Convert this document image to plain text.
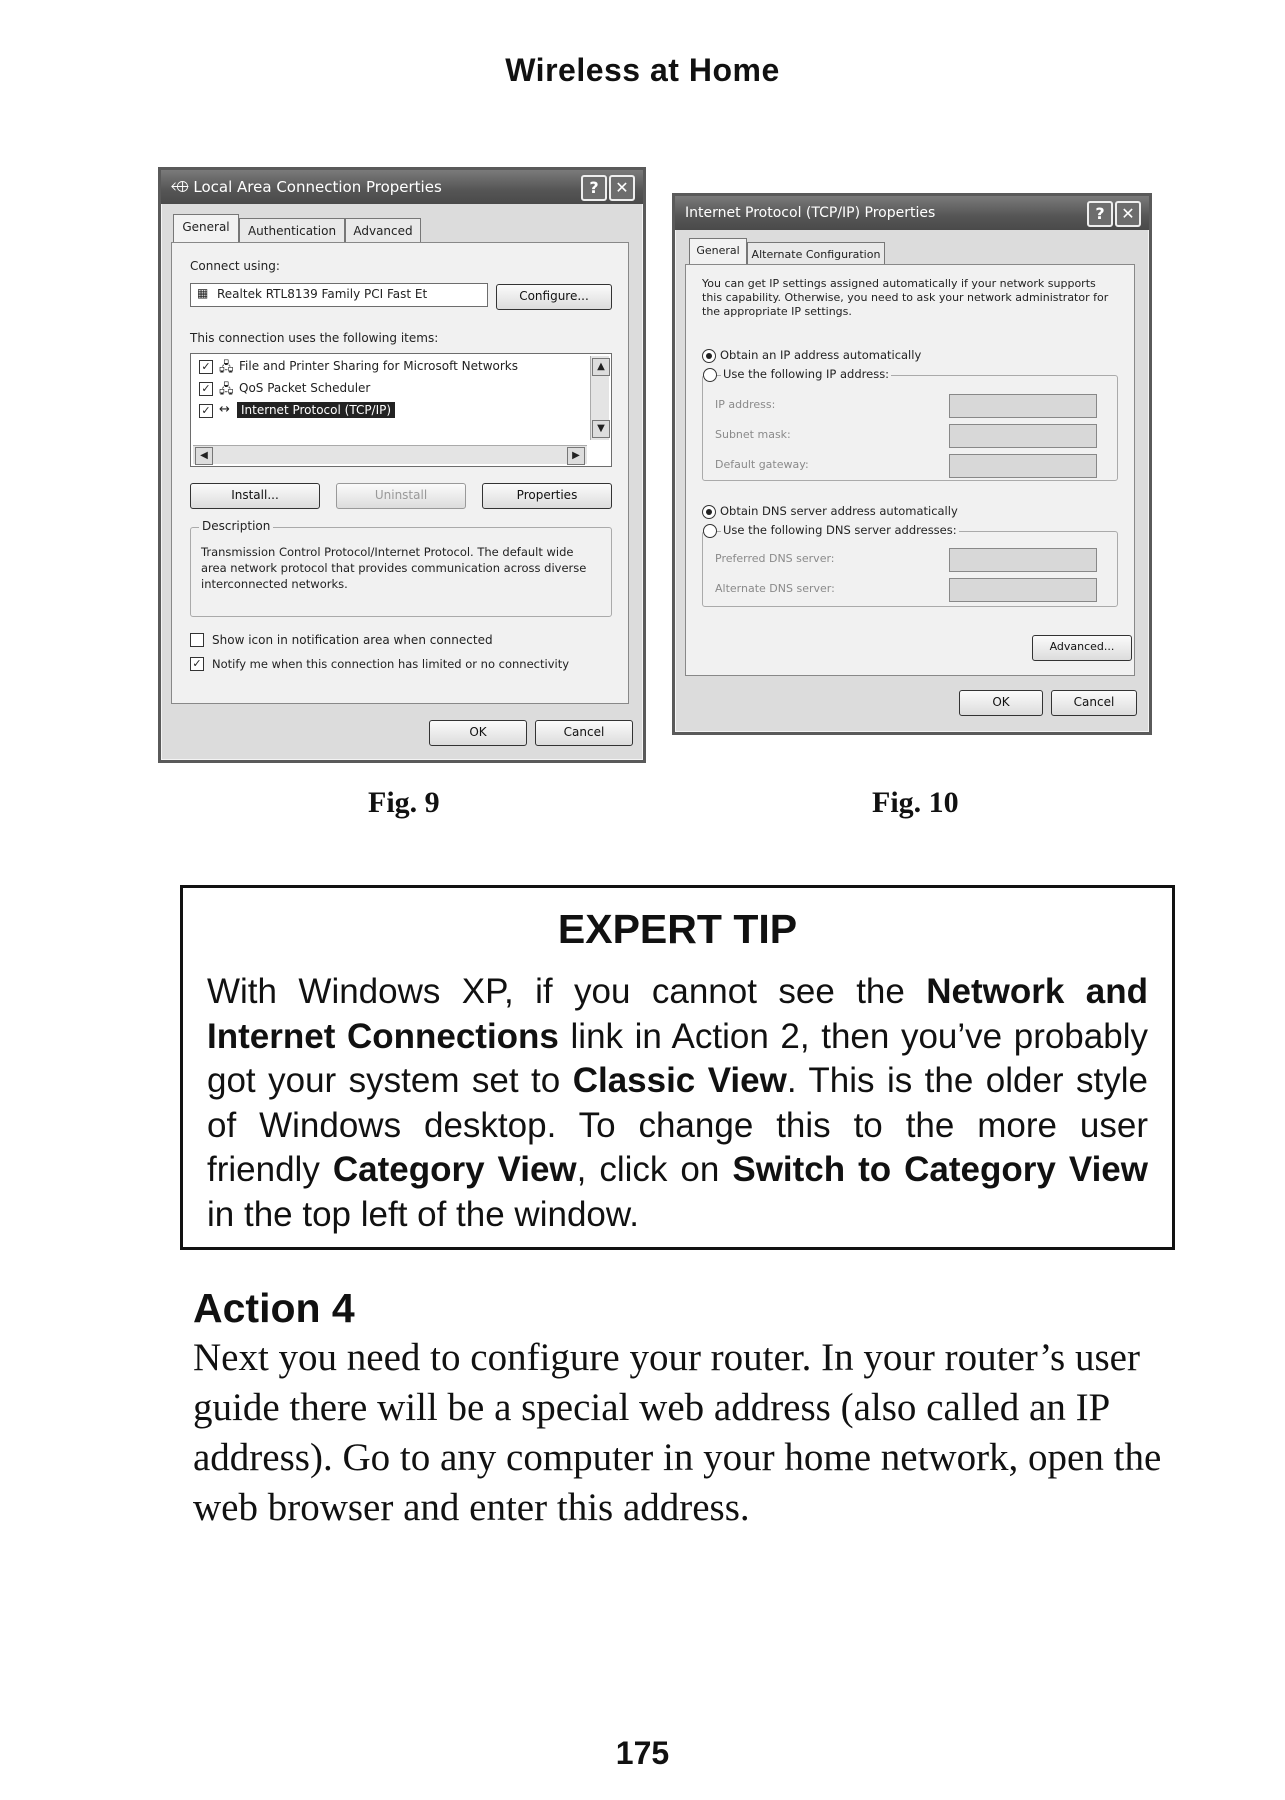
Wireless at Home
⬲ Local Area Connection Properties	?	✕
General	Authentication	Advanced
Connect using:
▦ Realtek RTL8139 Family PCI Fast Et	Configure...
This connection uses the following items:
✓ 🖧 File and Printer Sharing for Microsoft Networks
✓ 🖧 QoS Packet Scheduler
✓ ↔ Internet Protocol (TCP/IP)
▲
▼
◀	▶
Install...	Uninstall	Properties
Description
Transmission Control Protocol/Internet Protocol. The default wide area network protocol that provides communication across diverse interconnected networks.
Show icon in notification area when connected
✓ Notify me when this connection has limited or no connectivity
OK	Cancel
Internet Protocol (TCP/IP) Properties	?	✕
General	Alternate Configuration
You can get IP settings assigned automatically if your network supports this capability. Otherwise, you need to ask your network administrator for the appropriate IP settings.
Obtain an IP address automatically
Use the following IP address:
IP address:
Subnet mask:
Default gateway:
Obtain DNS server address automatically
Use the following DNS server addresses:
Preferred DNS server:
Alternate DNS server:
Advanced...
OK	Cancel
Fig. 9	Fig. 10
EXPERT TIP
With Windows XP, if you cannot see the Network and Internet Connections link in Action 2, then you’ve probably got your system set to Classic View. This is the older style of Windows desktop. To change this to the more user friendly Category View, click on Switch to Category View in the top left of the window.
Action 4
Next you need to configure your router. In your router’s user guide there will be a special web address (also called an IP address). Go to any computer in your home network, open the web browser and enter this address.
175
